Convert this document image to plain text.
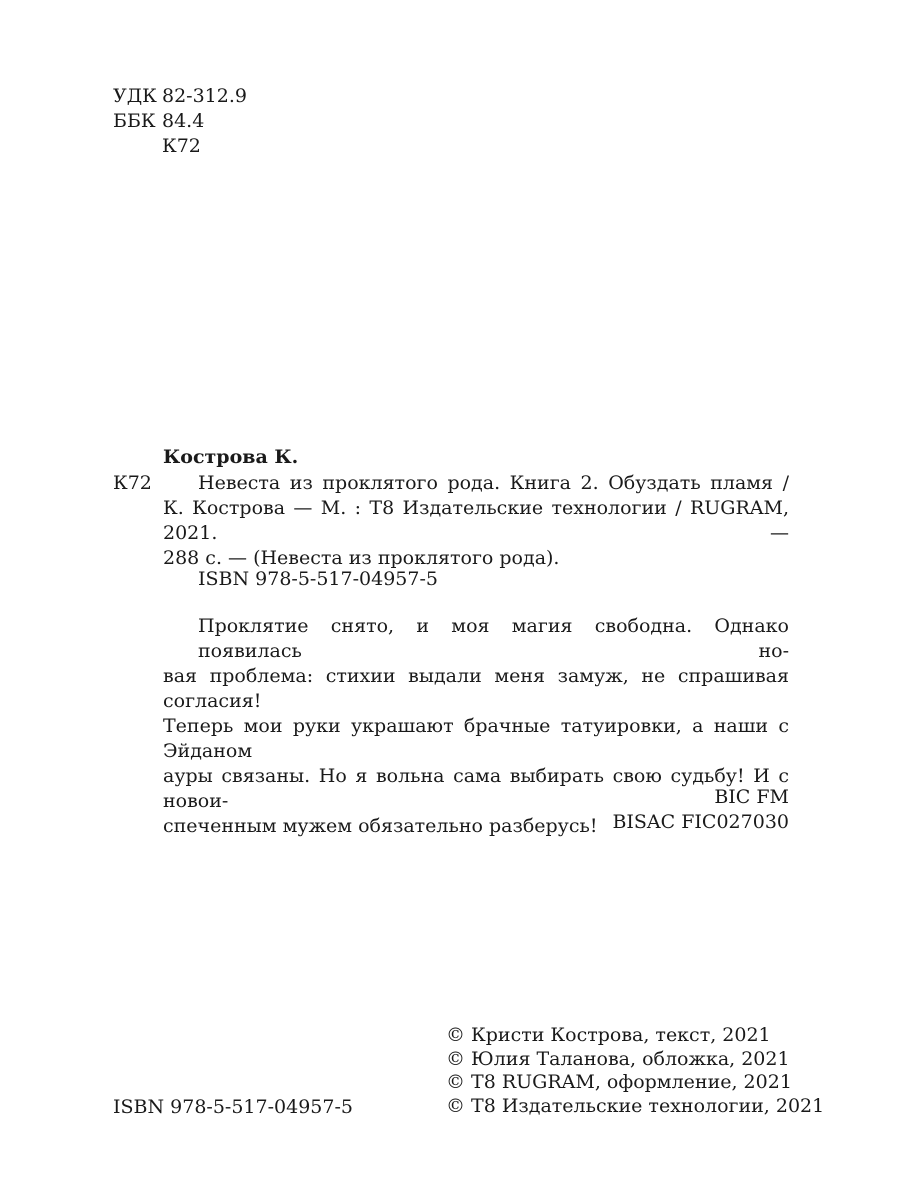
УДК 82-312.9
ББК 84.4
К72
Кострова К.
К72	Невеста из проклятого рода. Книга 2. Обуздать пламя /
К. Кострова — М. : Т8 Издательские технологии / RUGRAM, 2021. —
288 с. — (Невеста из проклятого рода).
ISBN 978-5-517-04957-5
Проклятие снято, и моя магия свободна. Однако появилась но-
вая проблема: стихии выдали меня замуж, не спрашивая согласия!
Теперь мои руки украшают брачные татуировки, а наши с Эйданом
ауры связаны. Но я вольна сама выбирать свою судьбу! И с новои-
спеченным мужем обязательно разберусь!
BIC FM
BISAC FIC027030
© Кристи Кострова, текст, 2021
© Юлия Таланова, обложка, 2021
© Т8 RUGRAM, оформление, 2021
© Т8 Издательские технологии, 2021
ISBN 978-5-517-04957-5
